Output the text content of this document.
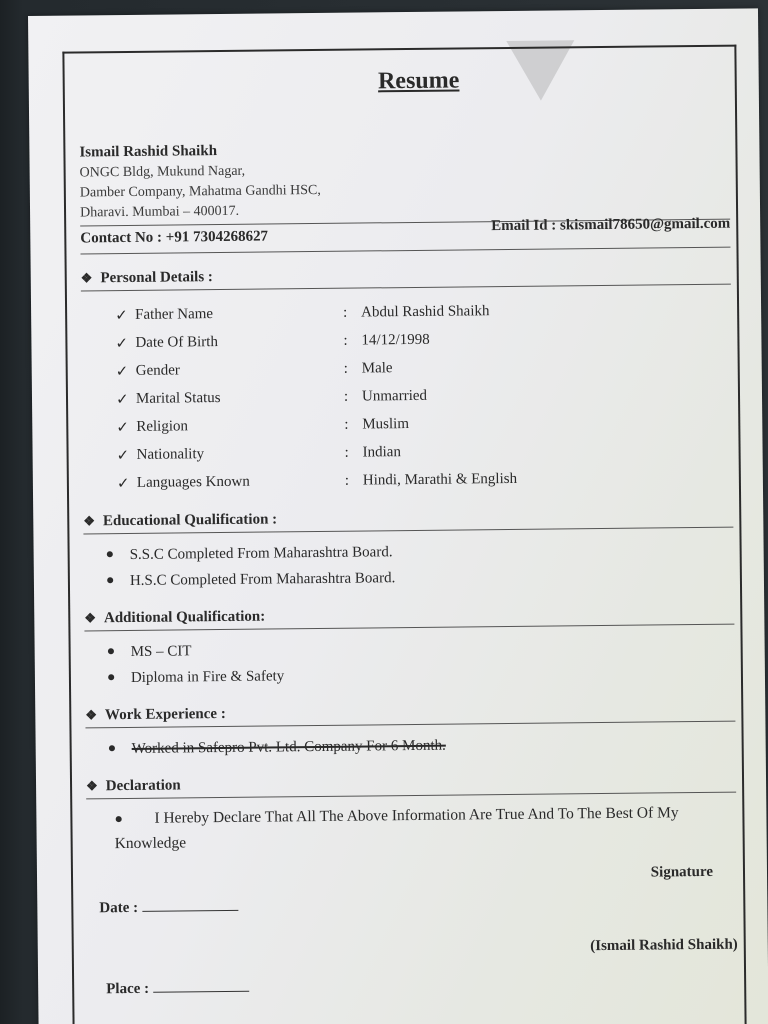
Resume
Ismail Rashid Shaikh
ONGC Bldg, Mukund Nagar,
Damber Company, Mahatma Gandhi HSC,
Dharavi. Mumbai – 400017.
Contact No : +91 7304268627
Email Id : skismail78650@gmail.com
❖ Personal Details :
✓ Father Name	: Abdul Rashid Shaikh
✓ Date Of Birth	: 14/12/1998
✓ Gender	: Male
✓ Marital Status	: Unmarried
✓ Religion	: Muslim
✓ Nationality	: Indian
✓ Languages Known	: Hindi, Marathi & English
❖ Educational Qualification :
●	S.S.C Completed From Maharashtra Board.
●	H.S.C Completed From Maharashtra Board.
❖ Additional Qualification:
●	MS – CIT
●	Diploma in Fire & Safety
❖ Work Experience :
●	Worked in Safepro Pvt. Ltd. Company For 6 Month.
❖ Declaration
● I Hereby Declare That All The Above Information Are True And To The Best Of My Knowledge
Signature
Date :
(Ismail Rashid Shaikh)
Place :
